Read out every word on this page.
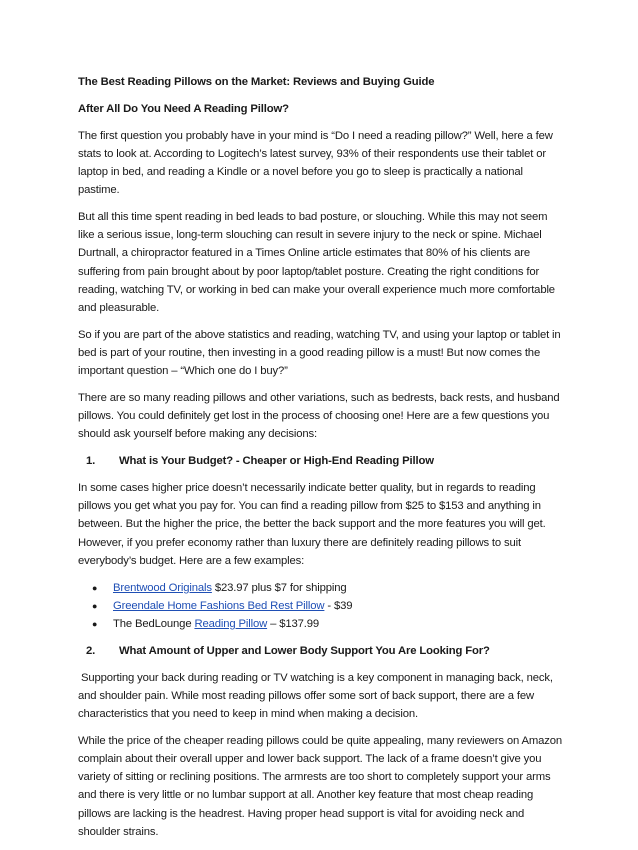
The Best Reading Pillows on the Market: Reviews and Buying Guide

After All Do You Need A Reading Pillow?

The first question you probably have in your mind is “Do I need a reading pillow?” Well, here a few stats to look at. According to Logitech’s latest survey, 93% of their respondents use their tablet or laptop in bed, and reading a Kindle or a novel before you go to sleep is practically a national pastime.

But all this time spent reading in bed leads to bad posture, or slouching. While this may not seem like a serious issue, long-term slouching can result in severe injury to the neck or spine. Michael Durtnall, a chiropractor featured in a Times Online article estimates that 80% of his clients are suffering from pain brought about by poor laptop/tablet posture. Creating the right conditions for reading, watching TV, or working in bed can make your overall experience much more comfortable and pleasurable.

So if you are part of the above statistics and reading, watching TV, and using your laptop or tablet in bed is part of your routine, then investing in a good reading pillow is a must! But now comes the important question – “Which one do I buy?”

There are so many reading pillows and other variations, such as bedrests, back rests, and husband pillows. You could definitely get lost in the process of choosing one! Here are a few questions you should ask yourself before making any decisions:

1.	What is Your Budget? - Cheaper or High-End Reading Pillow

In some cases higher price doesn’t necessarily indicate better quality, but in regards to reading pillows you get what you pay for. You can find a reading pillow from $25 to $153 and anything in between. But the higher the price, the better the back support and the more features you will get. However, if you prefer economy rather than luxury there are definitely reading pillows to suit everybody’s budget. Here are a few examples:

●	Brentwood Originals $23.97 plus $7 for shipping
●	Greendale Home Fashions Bed Rest Pillow - $39
●	The BedLounge Reading Pillow – $137.99
2.	What Amount of Upper and Lower Body Support You Are Looking For?

Supporting your back during reading or TV watching is a key component in managing back, neck, and shoulder pain. While most reading pillows offer some sort of back support, there are a few characteristics that you need to keep in mind when making a decision.

While the price of the cheaper reading pillows could be quite appealing, many reviewers on Amazon complain about their overall upper and lower back support. The lack of a frame doesn’t give you variety of sitting or reclining positions. The armrests are too short to completely support your arms and there is very little or no lumbar support at all. Another key feature that most cheap reading pillows are lacking is the headrest. Having proper head support is vital for avoiding neck and shoulder strains.
